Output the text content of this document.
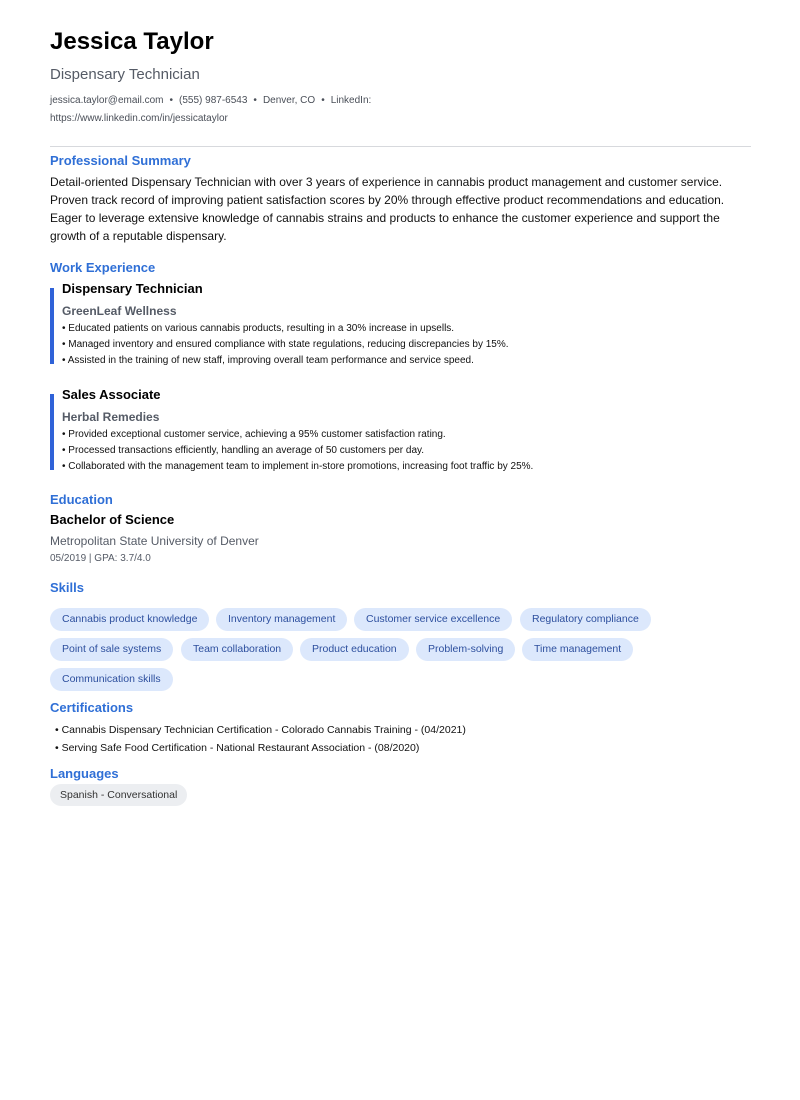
Jessica Taylor
Dispensary Technician
jessica.taylor@email.com • (555) 987-6543 • Denver, CO • LinkedIn:
https://www.linkedin.com/in/jessicataylor
Professional Summary
Detail-oriented Dispensary Technician with over 3 years of experience in cannabis product management and customer service. Proven track record of improving patient satisfaction scores by 20% through effective product recommendations and education. Eager to leverage extensive knowledge of cannabis strains and products to enhance the customer experience and support the growth of a reputable dispensary.
Work Experience
Dispensary Technician
GreenLeaf Wellness
• Educated patients on various cannabis products, resulting in a 30% increase in upsells.
• Managed inventory and ensured compliance with state regulations, reducing discrepancies by 15%.
• Assisted in the training of new staff, improving overall team performance and service speed.
Sales Associate
Herbal Remedies
• Provided exceptional customer service, achieving a 95% customer satisfaction rating.
• Processed transactions efficiently, handling an average of 50 customers per day.
• Collaborated with the management team to implement in-store promotions, increasing foot traffic by 25%.
Education
Bachelor of Science
Metropolitan State University of Denver
05/2019 | GPA: 3.7/4.0
Skills
Cannabis product knowledge	Inventory management	Customer service excellence	Regulatory compliance
Point of sale systems	Team collaboration	Product education	Problem-solving	Time management
Communication skills
Certifications
• Cannabis Dispensary Technician Certification - Colorado Cannabis Training - (04/2021)
• Serving Safe Food Certification - National Restaurant Association - (08/2020)
Languages
Spanish - Conversational
